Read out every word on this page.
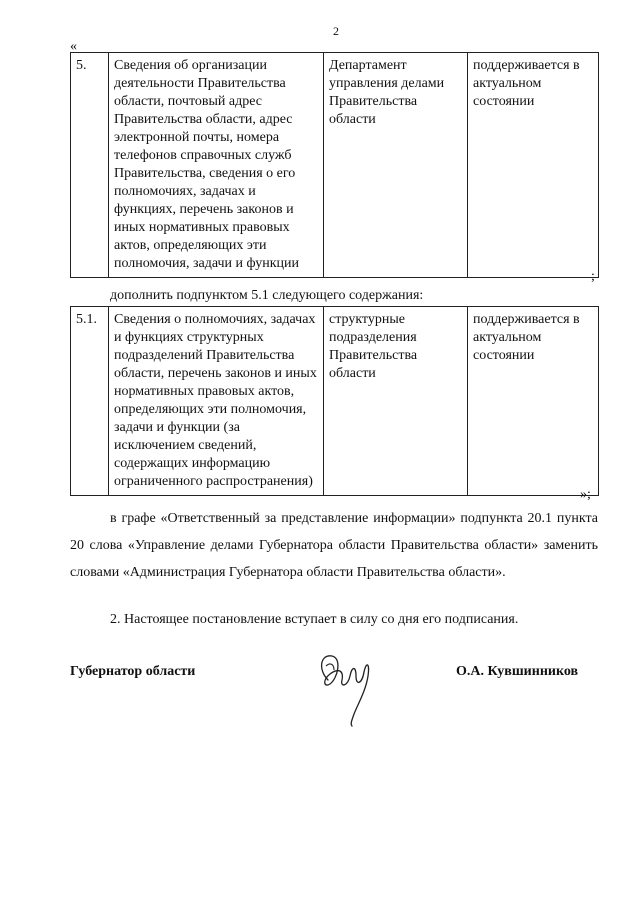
2
«
5.	Сведения об организации деятельности Правительства области, почтовый адрес Правительства области, адрес электронной почты, номера телефонов справочных служб Правительства, сведения о его полномочиях, задачах и функциях, перечень законов и иных нормативных правовых актов, определяющих эти полномочия, задачи и функции	Департамент управления делами Правительства области	поддерживается в актуальном состоянии
;
дополнить подпунктом 5.1 следующего содержания:
5.1.	Сведения о полномочиях, задачах и функциях структурных подразделений Правительства области, перечень законов и иных нормативных правовых актов, определяющих эти полномочия, задачи и функции (за исключением сведений, содержащих информацию ограниченного распространения)	структурные подразделения Правительства области	поддерживается в актуальном состоянии
»;
в графе «Ответственный за представление информации» подпункта 20.1 пункта 20 слова «Управление делами Губернатора области Правительства области» заменить словами «Администрация Губернатора области Правительства области».
2. Настоящее постановление вступает в силу со дня его подписания.
Губернатор области	О.А. Кувшинников
